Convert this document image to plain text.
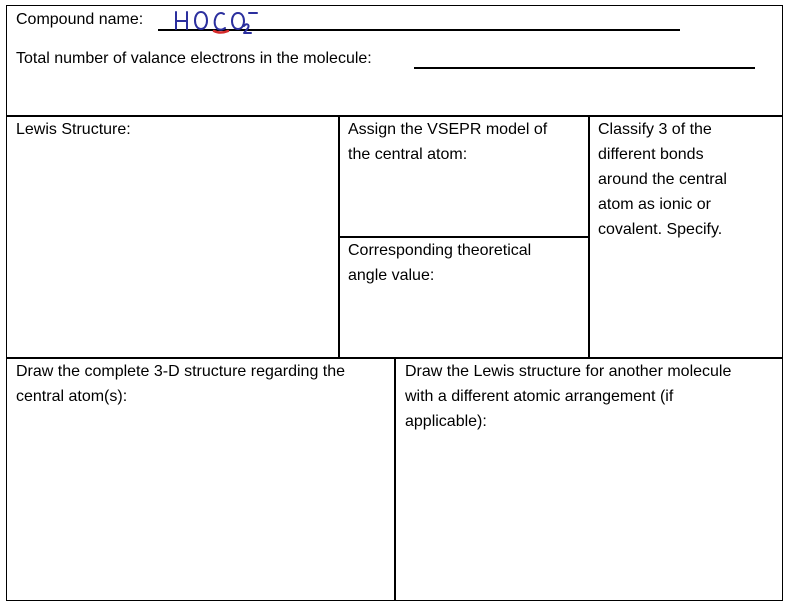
Compound name:
Total number of valance electrons in the molecule:
Lewis Structure:	Assign the VSEPR model of
the central atom:
Corresponding theoretical
angle value:
Classify 3 of the
different bonds
around the central
atom as ionic or
covalent. Specify.
Draw the complete 3-D structure regarding the
central atom(s):
Draw the Lewis structure for another molecule
with a different atomic arrangement (if
applicable):
